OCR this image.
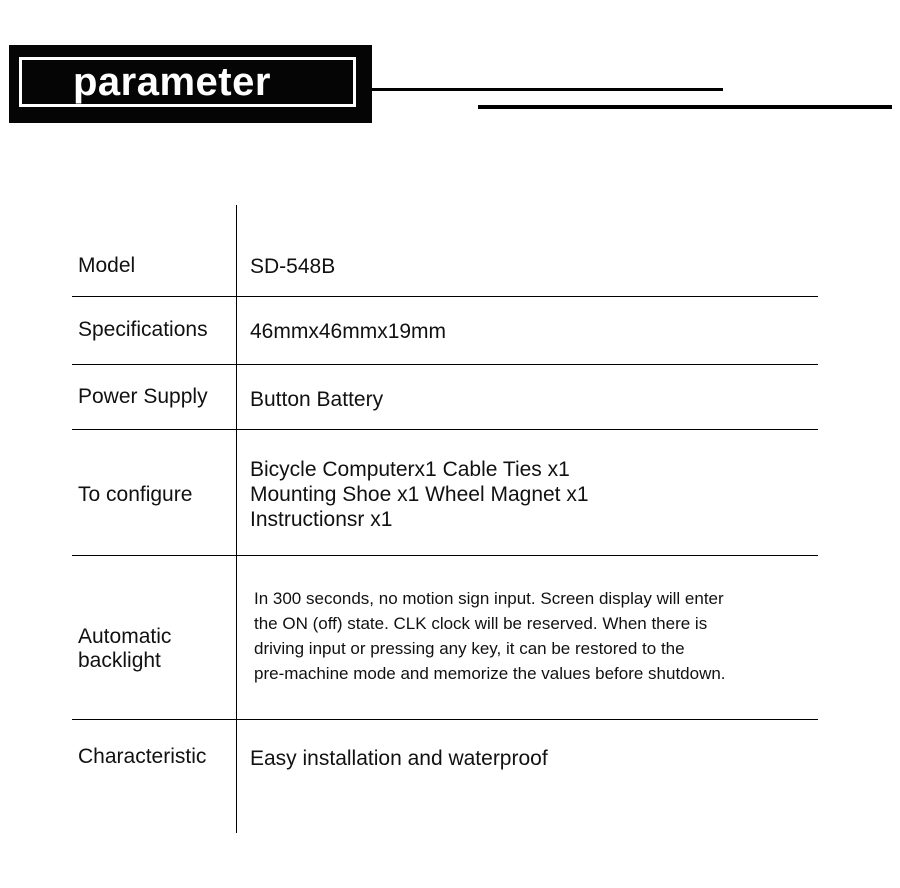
parameter
Model	SD-548B
Specifications 46mmx46mmx19mm
Power Supply Button Battery
To configure
Bicycle Computerx1 Cable Ties x1
Mounting Shoe x1 Wheel Magnet x1
Instructionsr x1
Automatic
backlight
In 300 seconds, no motion sign input. Screen display will enter
the ON (off) state. CLK clock will be reserved. When there is
driving input or pressing any key, it can be restored to the
pre-machine mode and memorize the values before shutdown.
Characteristic Easy installation and waterproof
